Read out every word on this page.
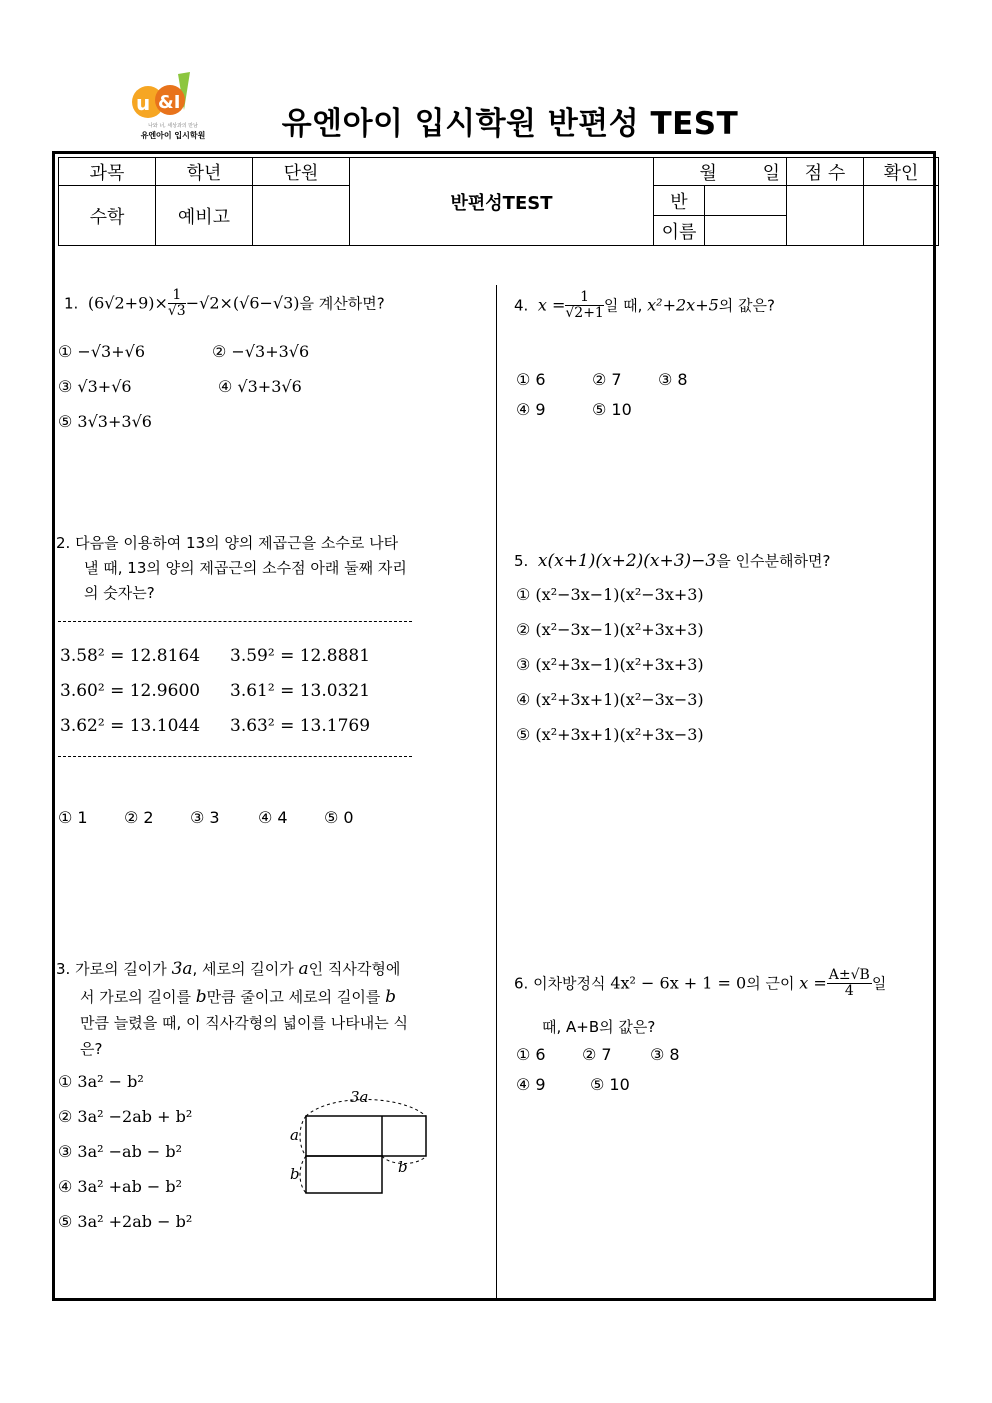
u &I
나와 너, 세상과의 만남
유엔아이 입시학원	유엔아이 입시학원 반편성 TEST
과목	학년	단원	반편성TEST	월 일		점 수	확인
수학	예비고			반			
				이름			
1. $(6√2+9)\times \frac{1}{√3} -√2\times(√6-√3)$을 계산하면?
① −√3+√6	② −√3+3√6
③ √3+√6	④ √3+3√6
⑤ 3√3+3√6
2. 다음을 이용하여 13의 양의 제곱근을 소수로 나타
낼 때, 13의 양의 제곱근의 소수점 아래 둘째 자리
의 숫자는?
3.58² = 12.8164 3.59² = 12.8881
3.60² = 12.9600 3.61² = 13.0321
3.62² = 13.1044 3.63² = 13.1769
① 1 ② 2 ③ 3 ④ 4 ⑤ 0
3. 가로의 길이가 3a, 세로의 길이가 a인 직사각형에
서 가로의 길이를 b만큼 줄이고 세로의 길이를 b
만큼 늘렸을 때, 이 직사각형의 넓이를 나타내는 식
은?
① 3a² − b²
② 3a² −2ab + b²
③ 3a² −ab − b²
④ 3a² +ab − b²
⑤ 3a² +2ab − b²
3a
a
b	b
4. $x = \frac{1}{√2+1}$ 일 때, x²+2x+5의 값은?
① 6	② 7 ③ 8
④ 9	⑤ 10
5. x(x+1)(x+2)(x+3)−3을 인수분해하면?
① (x²−3x−1)(x²−3x+3)
② (x²−3x−1)(x²+3x+3)
③ (x²+3x−1)(x²+3x+3)
④ (x²+3x+1)(x²−3x−3)
⑤ (x²+3x+1)(x²+3x−3)
6. 이차방정식 4x² − 6x + 1 = 0의 근이 $x = \frac{A\pm√B}{4}$ 일
때, A+B의 값은?
① 6 ② 7 ③ 8
④ 9	⑤ 10
